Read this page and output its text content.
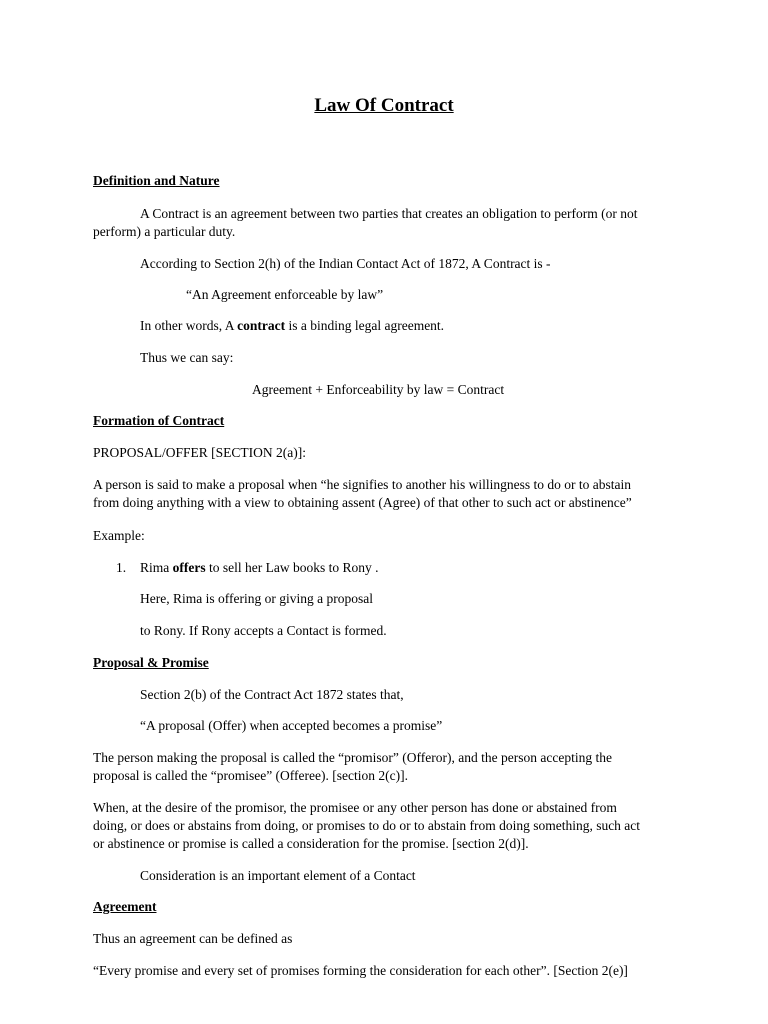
Law Of Contract

Definition and Nature

A Contract is an agreement between two parties that creates an obligation to perform (or not

perform) a particular duty.

According to Section 2(h) of the Indian Contact Act of 1872, A Contract is -

“An Agreement enforceable by law”

In other words, A contract is a binding legal agreement.

Thus we can say:

Agreement + Enforceability by law = Contract

Formation of Contract

PROPOSAL/OFFER [SECTION 2(a)]:

A person is said to make a proposal when “he signifies to another his willingness to do or to abstain

from doing anything with a view to obtaining assent (Agree) of that other to such act or abstinence”

Example:

1. Rima offers to sell her Law books to Rony .

Here, Rima is offering or giving a proposal

to Rony. If Rony accepts a Contact is formed.

Proposal & Promise

Section 2(b) of the Contract Act 1872 states that,

“A proposal (Offer) when accepted becomes a promise”

The person making the proposal is called the “promisor” (Offeror), and the person accepting the

proposal is called the “promisee” (Offeree). [section 2(c)].

When, at the desire of the promisor, the promisee or any other person has done or abstained from

doing, or does or abstains from doing, or promises to do or to abstain from doing something, such act

or abstinence or promise is called a consideration for the promise. [section 2(d)].

Consideration is an important element of a Contact

Agreement

Thus an agreement can be defined as

“Every promise and every set of promises forming the consideration for each other”. [Section 2(e)]
